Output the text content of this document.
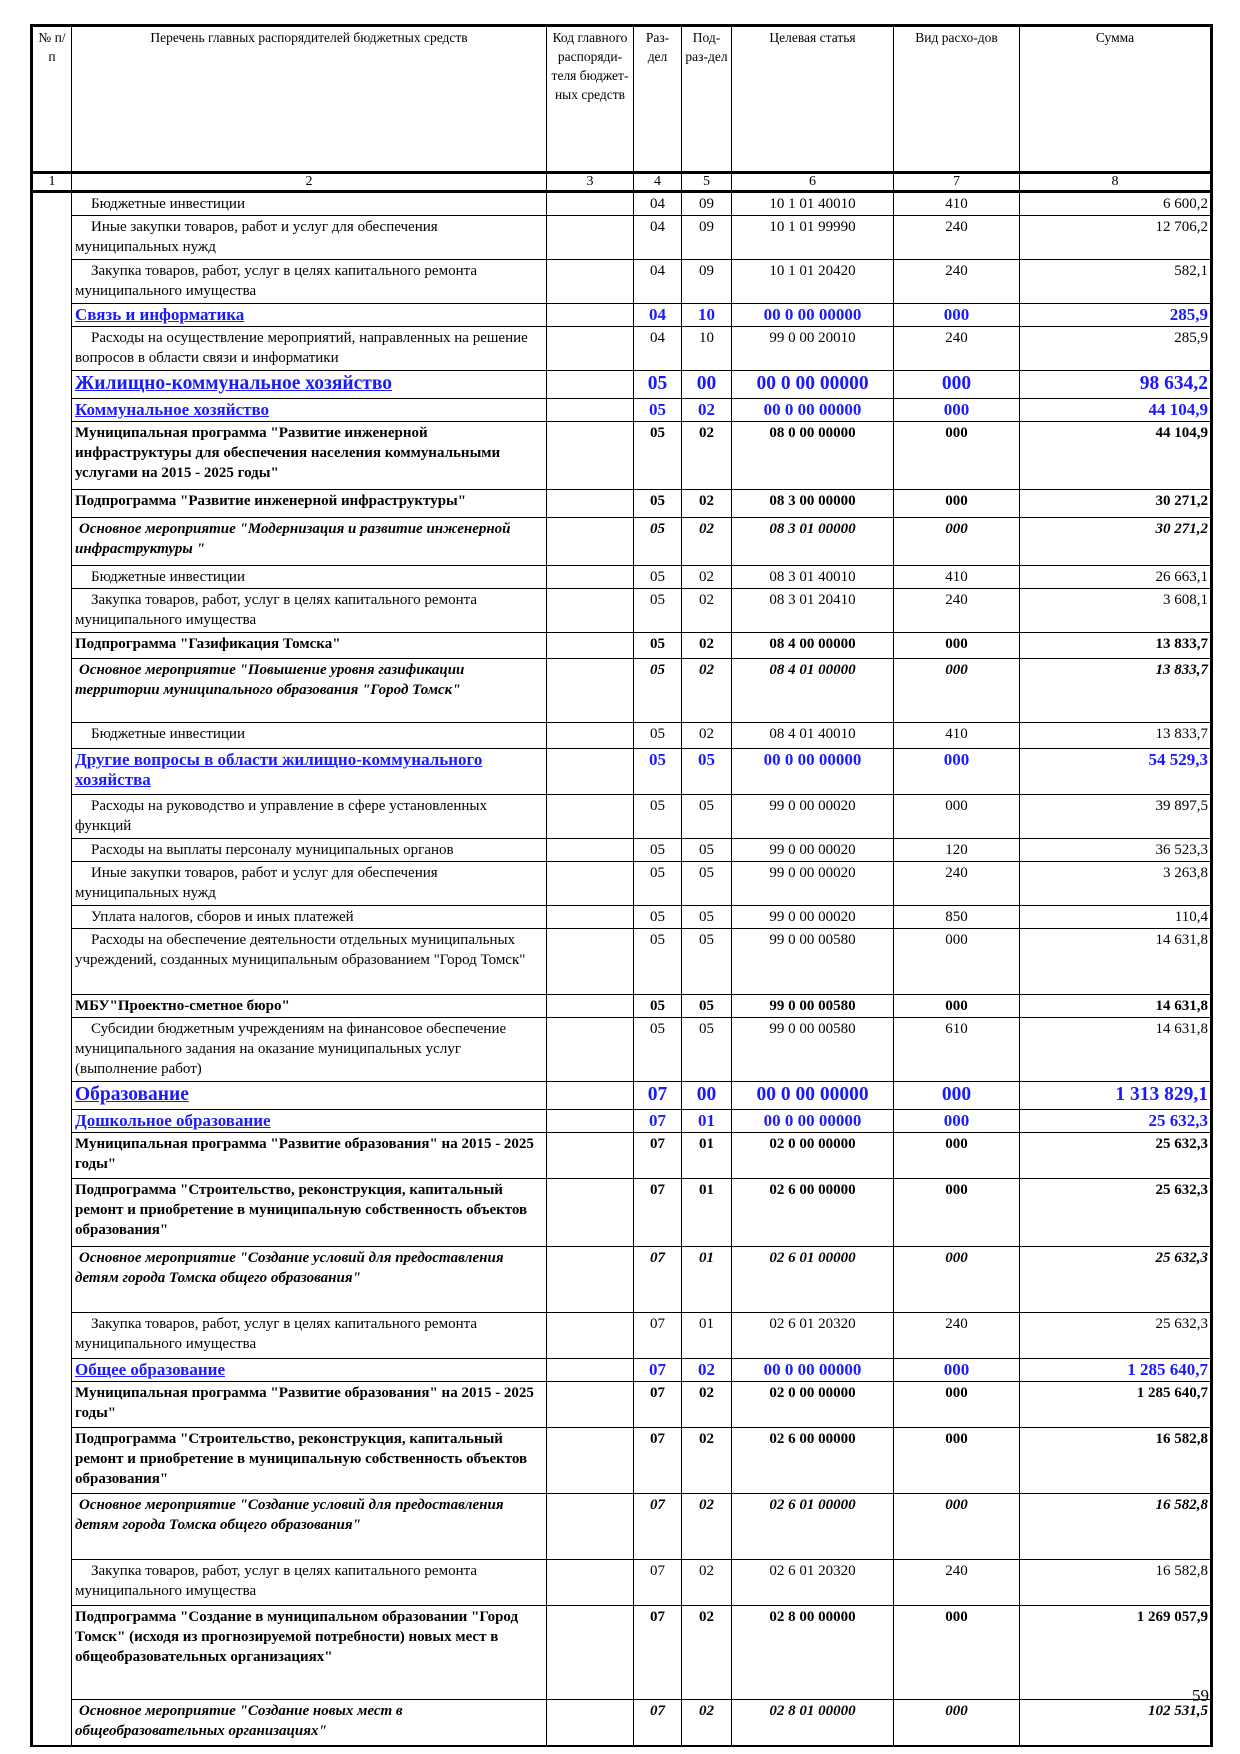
№ п/п	Перечень главных распорядителей бюджетных средств	Код главного распоряди-теля бюджет-ных средств	Раз-дел	Под-раз-дел	Целевая статья	Вид расхо-дов	Сумма
1	2	3	4	5	6	7	8
	Бюджетные инвестиции		04	09	10 1 01 40010	410	6 600,2
	Иные закупки товаров, работ и услуг для обеспечения муниципальных нужд		04	09	10 1 01 99990	240	12 706,2
	Закупка товаров, работ, услуг в целях капитального ремонта муниципального имущества		04	09	10 1 01 20420	240	582,1
	Связь и информатика		04	10	00 0 00 00000	000	285,9
	Расходы на осуществление мероприятий, направленных на решение вопросов в области связи и информатики		04	10	99 0 00 20010	240	285,9
	Жилищно-коммунальное хозяйство		05	00	00 0 00 00000	000	98 634,2
	Коммунальное хозяйство		05	02	00 0 00 00000	000	44 104,9
	Муниципальная программа "Развитие инженерной инфраструктуры для обеспечения населения коммунальными услугами на 2015 - 2025 годы"		05	02	08 0 00 00000	000	44 104,9
	Подпрограмма "Развитие инженерной инфраструктуры"		05	02	08 3 00 00000	000	30 271,2
	Основное мероприятие "Модернизация и развитие инженерной инфраструктуры "		05	02	08 3 01 00000	000	30 271,2
	Бюджетные инвестиции		05	02	08 3 01 40010	410	26 663,1
	Закупка товаров, работ, услуг в целях капитального ремонта муниципального имущества		05	02	08 3 01 20410	240	3 608,1
	Подпрограмма "Газификация Томска"		05	02	08 4 00 00000	000	13 833,7
	Основное мероприятие "Повышение уровня газификации территории муниципального образования "Город Томск"		05	02	08 4 01 00000	000	13 833,7
	Бюджетные инвестиции		05	02	08 4 01 40010	410	13 833,7
	Другие вопросы в области жилищно-коммунального хозяйства		05	05	00 0 00 00000	000	54 529,3
	Расходы на руководство и управление в сфере установленных функций		05	05	99 0 00 00020	000	39 897,5
	Расходы на выплаты персоналу муниципальных органов		05	05	99 0 00 00020	120	36 523,3
	Иные закупки товаров, работ и услуг для обеспечения муниципальных нужд		05	05	99 0 00 00020	240	3 263,8
	Уплата налогов, сборов и иных платежей		05	05	99 0 00 00020	850	110,4
	Расходы на обеспечение деятельности отдельных муниципальных учреждений, созданных муниципальным образованием "Город Томск"		05	05	99 0 00 00580	000	14 631,8
	МБУ"Проектно-сметное бюро"		05	05	99 0 00 00580	000	14 631,8
	Субсидии бюджетным учреждениям на финансовое обеспечение муниципального задания на оказание муниципальных услуг (выполнение работ)		05	05	99 0 00 00580	610	14 631,8
	Образование		07	00	00 0 00 00000	000	1 313 829,1
	Дошкольное образование		07	01	00 0 00 00000	000	25 632,3
	Муниципальная программа "Развитие образования" на 2015 - 2025 годы"		07	01	02 0 00 00000	000	25 632,3
	Подпрограмма "Строительство, реконструкция, капитальный ремонт и приобретение в муниципальную собственность объектов образования"		07	01	02 6 00 00000	000	25 632,3
	Основное мероприятие "Создание условий для предоставления детям города Томска общего образования"		07	01	02 6 01 00000	000	25 632,3
	Закупка товаров, работ, услуг в целях капитального ремонта муниципального имущества		07	01	02 6 01 20320	240	25 632,3
	Общее образование		07	02	00 0 00 00000	000	1 285 640,7
	Муниципальная программа "Развитие образования" на 2015 - 2025 годы"		07	02	02 0 00 00000	000	1 285 640,7
	Подпрограмма "Строительство, реконструкция, капитальный ремонт и приобретение в муниципальную собственность объектов образования"		07	02	02 6 00 00000	000	16 582,8
	Основное мероприятие "Создание условий для предоставления детям города Томска общего образования"		07	02	02 6 01 00000	000	16 582,8
	Закупка товаров, работ, услуг в целях капитального ремонта муниципального имущества		07	02	02 6 01 20320	240	16 582,8
	Подпрограмма "Создание в муниципальном образовании "Город Томск" (исходя из прогнозируемой потребности) новых мест в общеобразовательных организациях"		07	02	02 8 00 00000	000	1 269 057,9
	Основное мероприятие "Создание новых мест в общеобразовательных организациях"		07	02	02 8 01 00000	000	102 531,5
59
